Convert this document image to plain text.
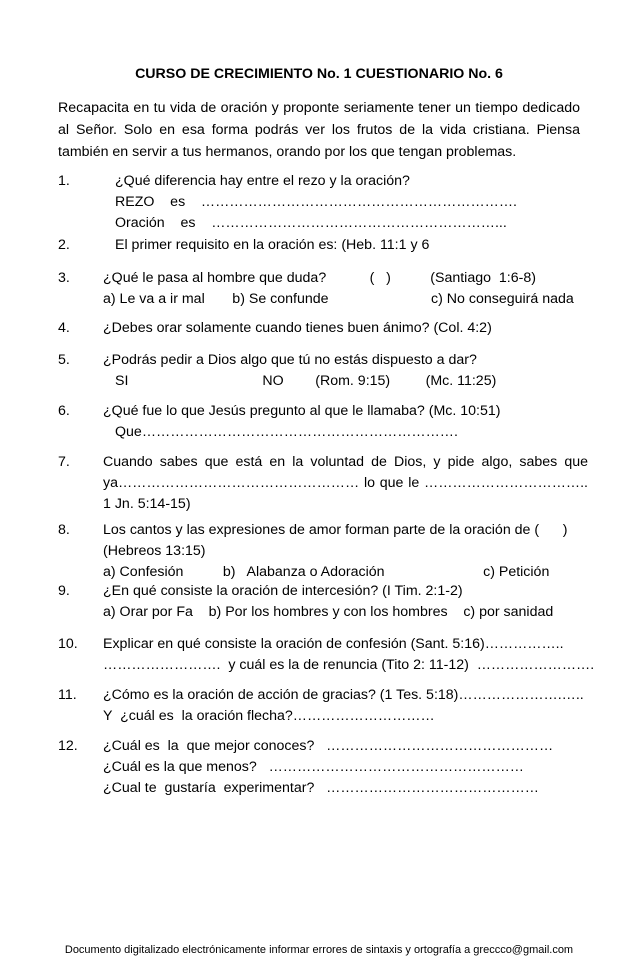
CURSO DE CRECIMIENTO No. 1 CUESTIONARIO No. 6
Recapacita en tu vida de oración y proponte seriamente tener un tiempo dedicado al Señor. Solo en esa forma podrás ver los frutos de la vida cristiana. Piensa también en servir a tus hermanos, orando por los que tengan problemas.
1.	¿Qué diferencia hay entre el rezo y la oración?
REZO    es    ………………………………………………………….
Oración    es    ……………………………………………………...
2.	El primer requisito en la oración es: (Heb. 11:1 y 6
3. ¿Qué le pasa al hombre que duda?           (   )          (Santiago  1:6-8)
a) Le va a ir mal       b) Se confunde                          c) No conseguirá nada
4. ¿Debes orar solamente cuando tienes buen ánimo? (Col. 4:2)
5. ¿Podrás pedir a Dios algo que tú no estás dispuesto a dar?
SI                                  NO        (Rom. 9:15)         (Mc. 11:25)
6. ¿Qué fue lo que Jesús pregunto al que le llamaba? (Mc. 10:51)
Que………………………………………………………….
7. Cuando sabes que está en la voluntad de Dios, y pide algo, sabes que ya…………………………………………… lo que le …………………………….. 1 Jn. 5:14-15)
8. Los cantos y las expresiones de amor forman parte de la oración de (      )
(Hebreos 13:15)
a) Confesión          b)   Alabanza o Adoración                         c) Petición
9. ¿En qué consiste la oración de intercesión? (I Tim. 2:1-2)
a) Orar por Fa    b) Por los hombres y con los hombres    c) por sanidad
10. Explicar en qué consiste la oración de confesión (Sant. 5:16)……………..
…………………….  y cuál es la de renuncia (Tito 2: 11-12)  …………………….
11. ¿Cómo es la oración de acción de gracias? (1 Tes. 5:18)………………….…..
Y  ¿cuál es  la oración flecha?…………………………
12. ¿Cuál es  la  que mejor conoces?   …………………………………………
¿Cuál es la que menos?   ………………………………………………
¿Cual te  gustaría  experimentar?   ………………………………………
Documento digitalizado electrónicamente informar errores de sintaxis y ortografía a greccco@gmail.com
